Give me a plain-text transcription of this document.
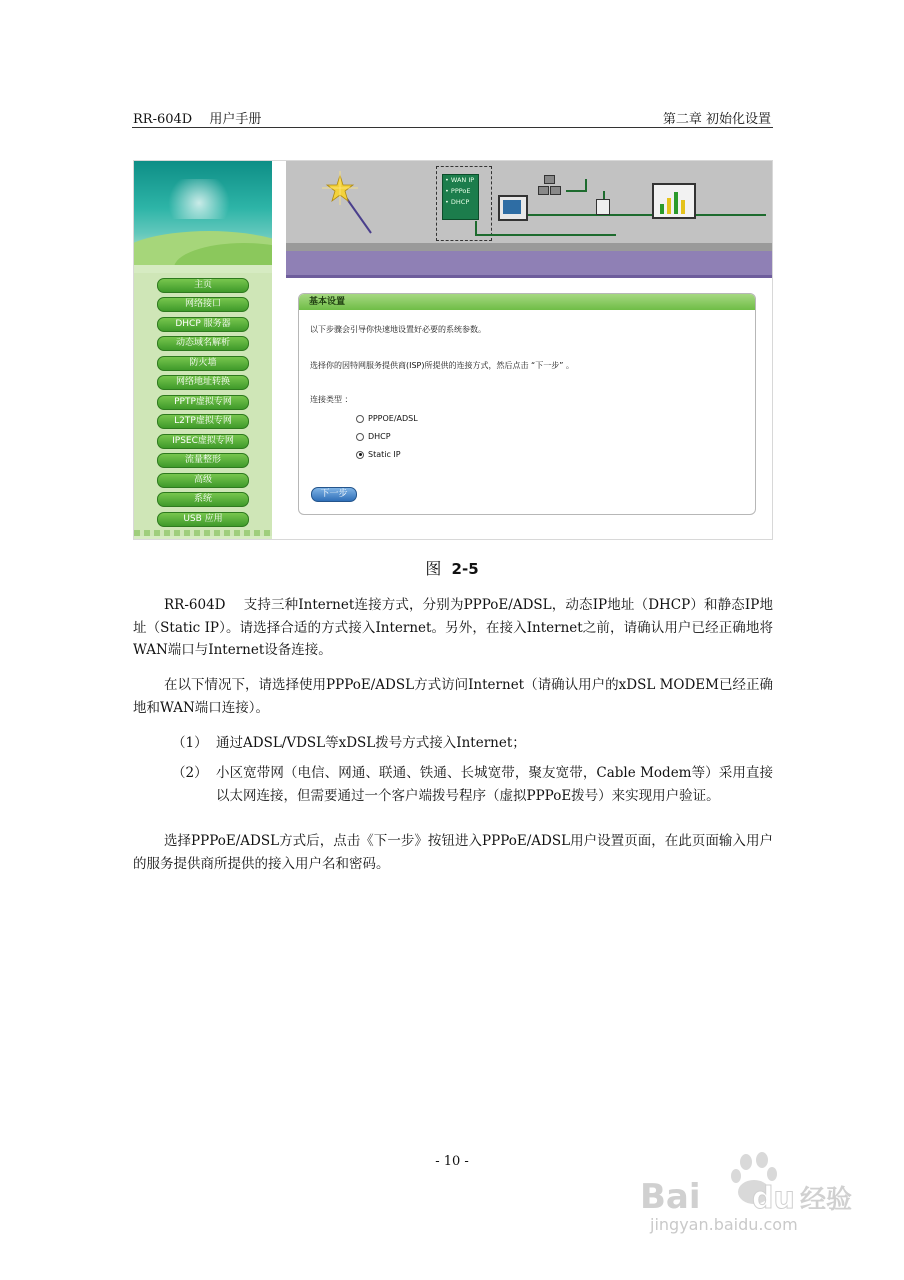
RR-604D　 用户手册	第二章 初始化设置
主页
网络接口
DHCP 服务器
动态域名解析
防火墙
网络地址转换
PPTP虚拟专网
L2TP虚拟专网
IPSEC虚拟专网
流量整形
高级
系统
USB 应用
• WAN IP
• PPPoE
• DHCP
基本设置
以下步骤会引导你快速地设置好必要的系统参数。
选择你的因特网服务提供商(ISP)所提供的连接方式，然后点击 “下一步” 。
连接类型 ：
PPPOE/ADSL
DHCP
Static IP
下一步
图 2-5
RR-604D　 支持三种Internet连接方式，分别为PPPoE/ADSL，动态IP地址（DHCP）和静态IP地址（Static IP）。请选择合适的方式接入Internet。另外，在接入Internet之前，请确认用户已经正确地将WAN端口与Internet设备连接。
在以下情况下，请选择使用PPPoE/ADSL方式访问Internet（请确认用户的xDSL MODEM已经正确地和WAN端口连接）。
（1） 通过ADSL/VDSL等xDSL拨号方式接入Internet；
（2） 小区宽带网（电信、网通、联通、铁通、长城宽带，聚友宽带，Cable Modem等）采用直接以太网连接，但需要通过一个客户端拨号程序（虚拟PPPoE拨号）来实现用户验证。
选择PPPoE/ADSL方式后，点击《下一步》按钮进入PPPoE/ADSL用户设置页面，在此页面输入用户的服务提供商所提供的接入用户名和密码。
- 10 -
Bai du 经验
jingyan.baidu.com
